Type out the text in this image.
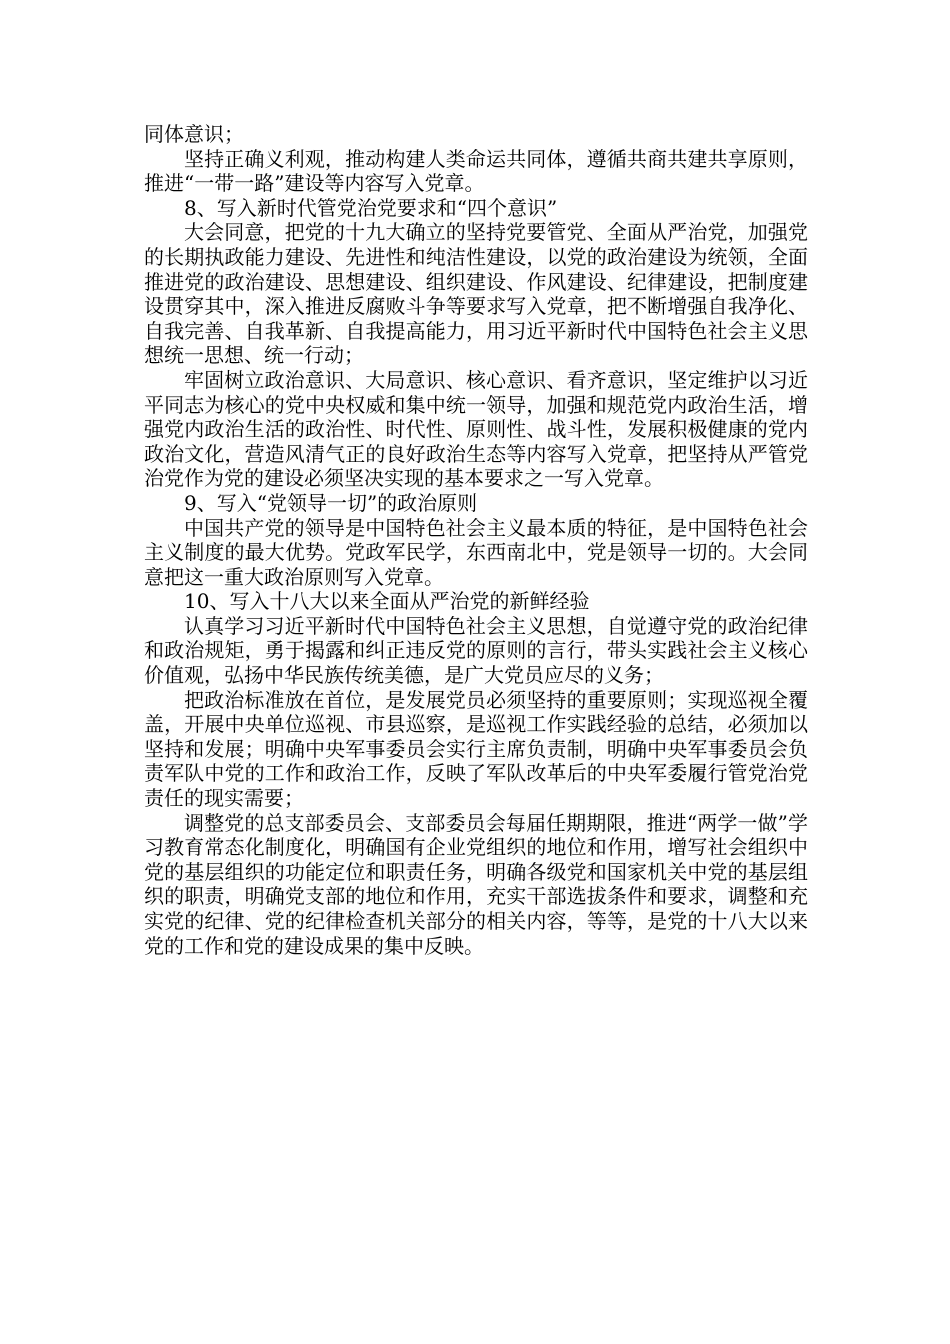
同体意识；

坚持正确义利观，推动构建人类命运共同体，遵循共商共建共享原则，推进“一带一路”建设等内容写入党章。

8、写入新时代管党治党要求和“四个意识”

大会同意，把党的十九大确立的坚持党要管党、全面从严治党，加强党的长期执政能力建设、先进性和纯洁性建设，以党的政治建设为统领，全面推进党的政治建设、思想建设、组织建设、作风建设、纪律建设，把制度建设贯穿其中，深入推进反腐败斗争等要求写入党章，把不断增强自我净化、自我完善、自我革新、自我提高能力，用习近平新时代中国特色社会主义思想统一思想、统一行动；

牢固树立政治意识、大局意识、核心意识、看齐意识，坚定维护以习近平同志为核心的党中央权威和集中统一领导，加强和规范党内政治生活，增强党内政治生活的政治性、时代性、原则性、战斗性，发展积极健康的党内政治文化，营造风清气正的良好政治生态等内容写入党章，把坚持从严管党治党作为党的建设必须坚决实现的基本要求之一写入党章。

9、写入“党领导一切”的政治原则

中国共产党的领导是中国特色社会主义最本质的特征，是中国特色社会主义制度的最大优势。党政军民学，东西南北中，党是领导一切的。大会同意把这一重大政治原则写入党章。

10、写入十八大以来全面从严治党的新鲜经验

认真学习习近平新时代中国特色社会主义思想，自觉遵守党的政治纪律和政治规矩，勇于揭露和纠正违反党的原则的言行，带头实践社会主义核心价值观，弘扬中华民族传统美德，是广大党员应尽的义务；

把政治标准放在首位，是发展党员必须坚持的重要原则；实现巡视全覆盖，开展中央单位巡视、市县巡察，是巡视工作实践经验的总结，必须加以坚持和发展；明确中央军事委员会实行主席负责制，明确中央军事委员会负责军队中党的工作和政治工作，反映了军队改革后的中央军委履行管党治党责任的现实需要；

调整党的总支部委员会、支部委员会每届任期期限，推进“两学一做”学习教育常态化制度化，明确国有企业党组织的地位和作用，增写社会组织中党的基层组织的功能定位和职责任务，明确各级党和国家机关中党的基层组织的职责，明确党支部的地位和作用，充实干部选拔条件和要求，调整和充实党的纪律、党的纪律检查机关部分的相关内容，等等，是党的十八大以来党的工作和党的建设成果的集中反映。
